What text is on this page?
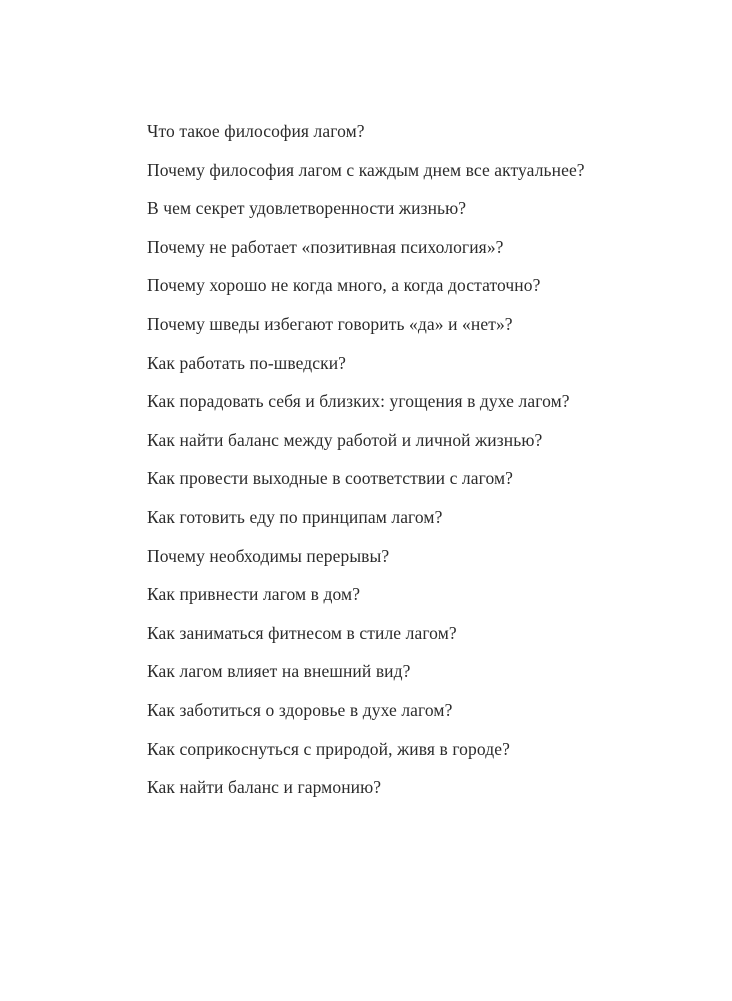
Что такое философия лагом?
Почему философия лагом с каждым днем все актуальнее?
В чем секрет удовлетворенности жизнью?
Почему не работает «позитивная психология»?
Почему хорошо не когда много, а когда достаточно?
Почему шведы избегают говорить «да» и «нет»?
Как работать по-шведски?
Как порадовать себя и близких: угощения в духе лагом?
Как найти баланс между работой и личной жизнью?
Как провести выходные в соответствии с лагом?
Как готовить еду по принципам лагом?
Почему необходимы перерывы?
Как привнести лагом в дом?
Как заниматься фитнесом в стиле лагом?
Как лагом влияет на внешний вид?
Как заботиться о здоровье в духе лагом?
Как соприкоснуться с природой, живя в городе?
Как найти баланс и гармонию?
